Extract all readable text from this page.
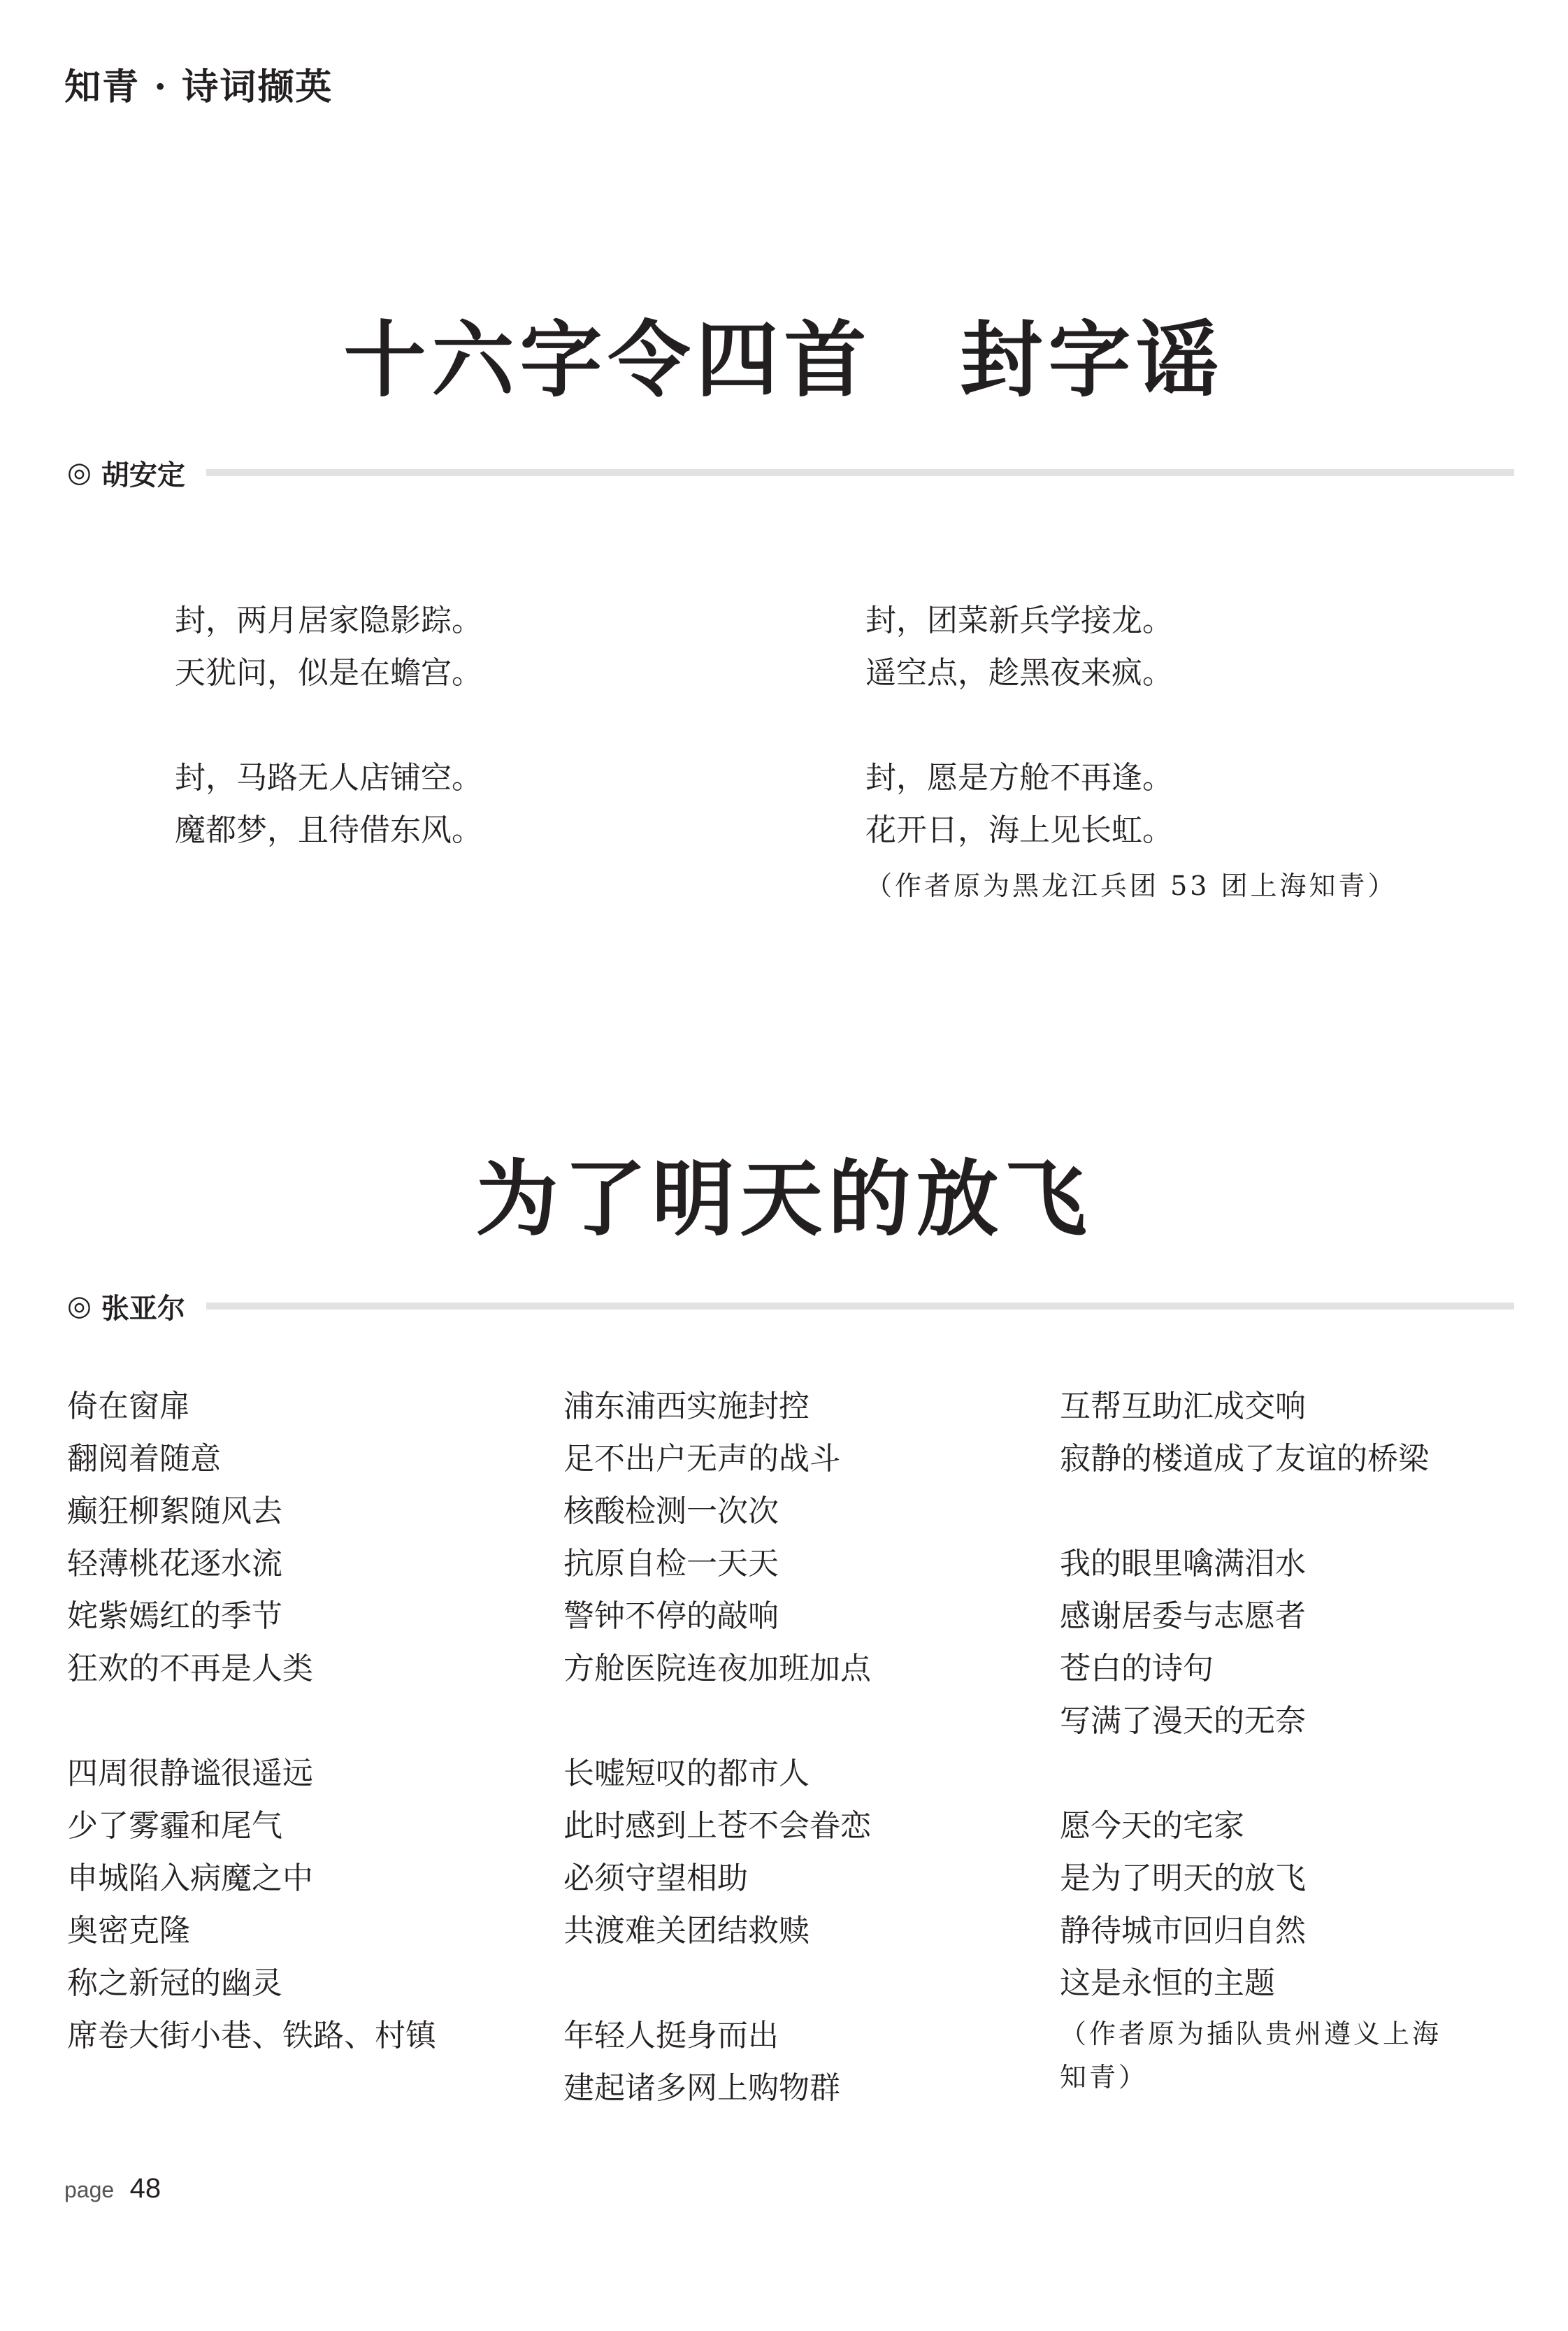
知青 · 诗词撷英
十六字令四首　封字谣
◎ 胡安定
封，两月居家隐影踪。
天犹问，似是在蟾宫。
封，马路无人店铺空。
魔都梦，且待借东风。
封，团菜新兵学接龙。
遥空点，趁黑夜来疯。
封，愿是方舱不再逢。
花开日，海上见长虹。
（作者原为黑龙江兵团 53 团上海知青）
为了明天的放飞
◎ 张亚尔
倚在窗扉
翻阅着随意
癫狂柳絮随风去
轻薄桃花逐水流
姹紫嫣红的季节
狂欢的不再是人类
四周很静谧很遥远
少了雾霾和尾气
申城陷入病魔之中
奥密克隆
称之新冠的幽灵
席卷大街小巷、铁路、村镇
浦东浦西实施封控
足不出户无声的战斗
核酸检测一次次
抗原自检一天天
警钟不停的敲响
方舱医院连夜加班加点
长嘘短叹的都市人
此时感到上苍不会眷恋
必须守望相助
共渡难关团结救赎
年轻人挺身而出
建起诸多网上购物群
互帮互助汇成交响
寂静的楼道成了友谊的桥梁
我的眼里噙满泪水
感谢居委与志愿者
苍白的诗句
写满了漫天的无奈
愿今天的宅家
是为了明天的放飞
静待城市回归自然
这是永恒的主题
（作者原为插队贵州遵义上海
知青）
page 48
